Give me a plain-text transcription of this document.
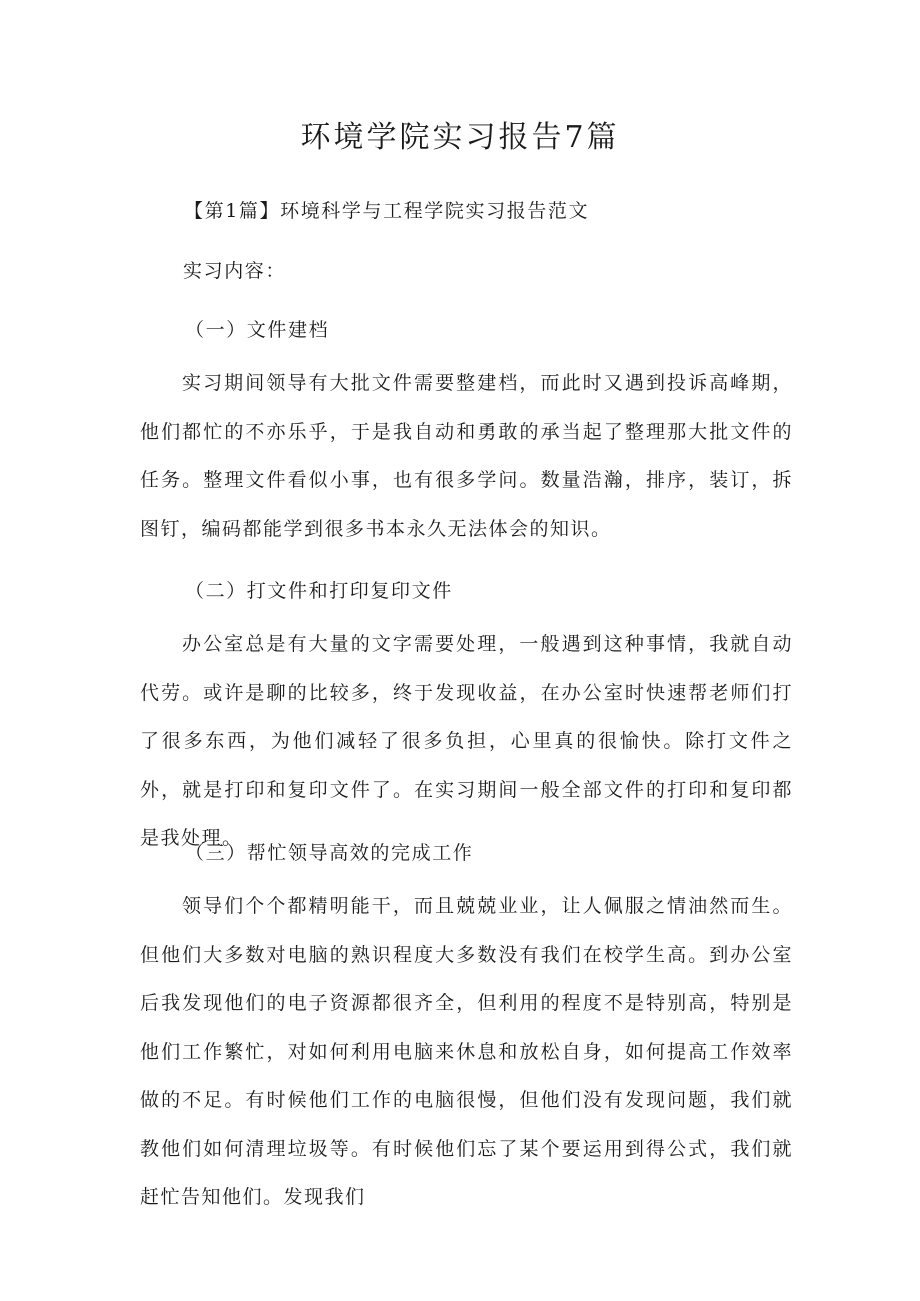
环境学院实习报告7篇

【第1篇】环境科学与工程学院实习报告范文

实习内容：

（一）文件建档

实习期间领导有大批文件需要整建档，而此时又遇到投诉高峰期，他们都忙的不亦乐乎，于是我自动和勇敢的承当起了整理那大批文件的任务。整理文件看似小事，也有很多学问。数量浩瀚，排序，装订，拆图钉，编码都能学到很多书本永久无法体会的知识。

（二）打文件和打印复印文件

办公室总是有大量的文字需要处理，一般遇到这种事情，我就自动代劳。或许是聊的比较多，终于发现收益，在办公室时快速帮老师们打了很多东西，为他们减轻了很多负担，心里真的很愉快。除打文件之外，就是打印和复印文件了。在实习期间一般全部文件的打印和复印都是我处理。

（三）帮忙领导高效的完成工作

领导们个个都精明能干，而且兢兢业业，让人佩服之情油然而生。但他们大多数对电脑的熟识程度大多数没有我们在校学生高。到办公室后我发现他们的电子资源都很齐全，但利用的程度不是特别高，特别是他们工作繁忙，对如何利用电脑来休息和放松自身，如何提高工作效率做的不足。有时候他们工作的电脑很慢，但他们没有发现问题，我们就教他们如何清理垃圾等。有时候他们忘了某个要运用到得公式，我们就赶忙告知他们。发现我们
